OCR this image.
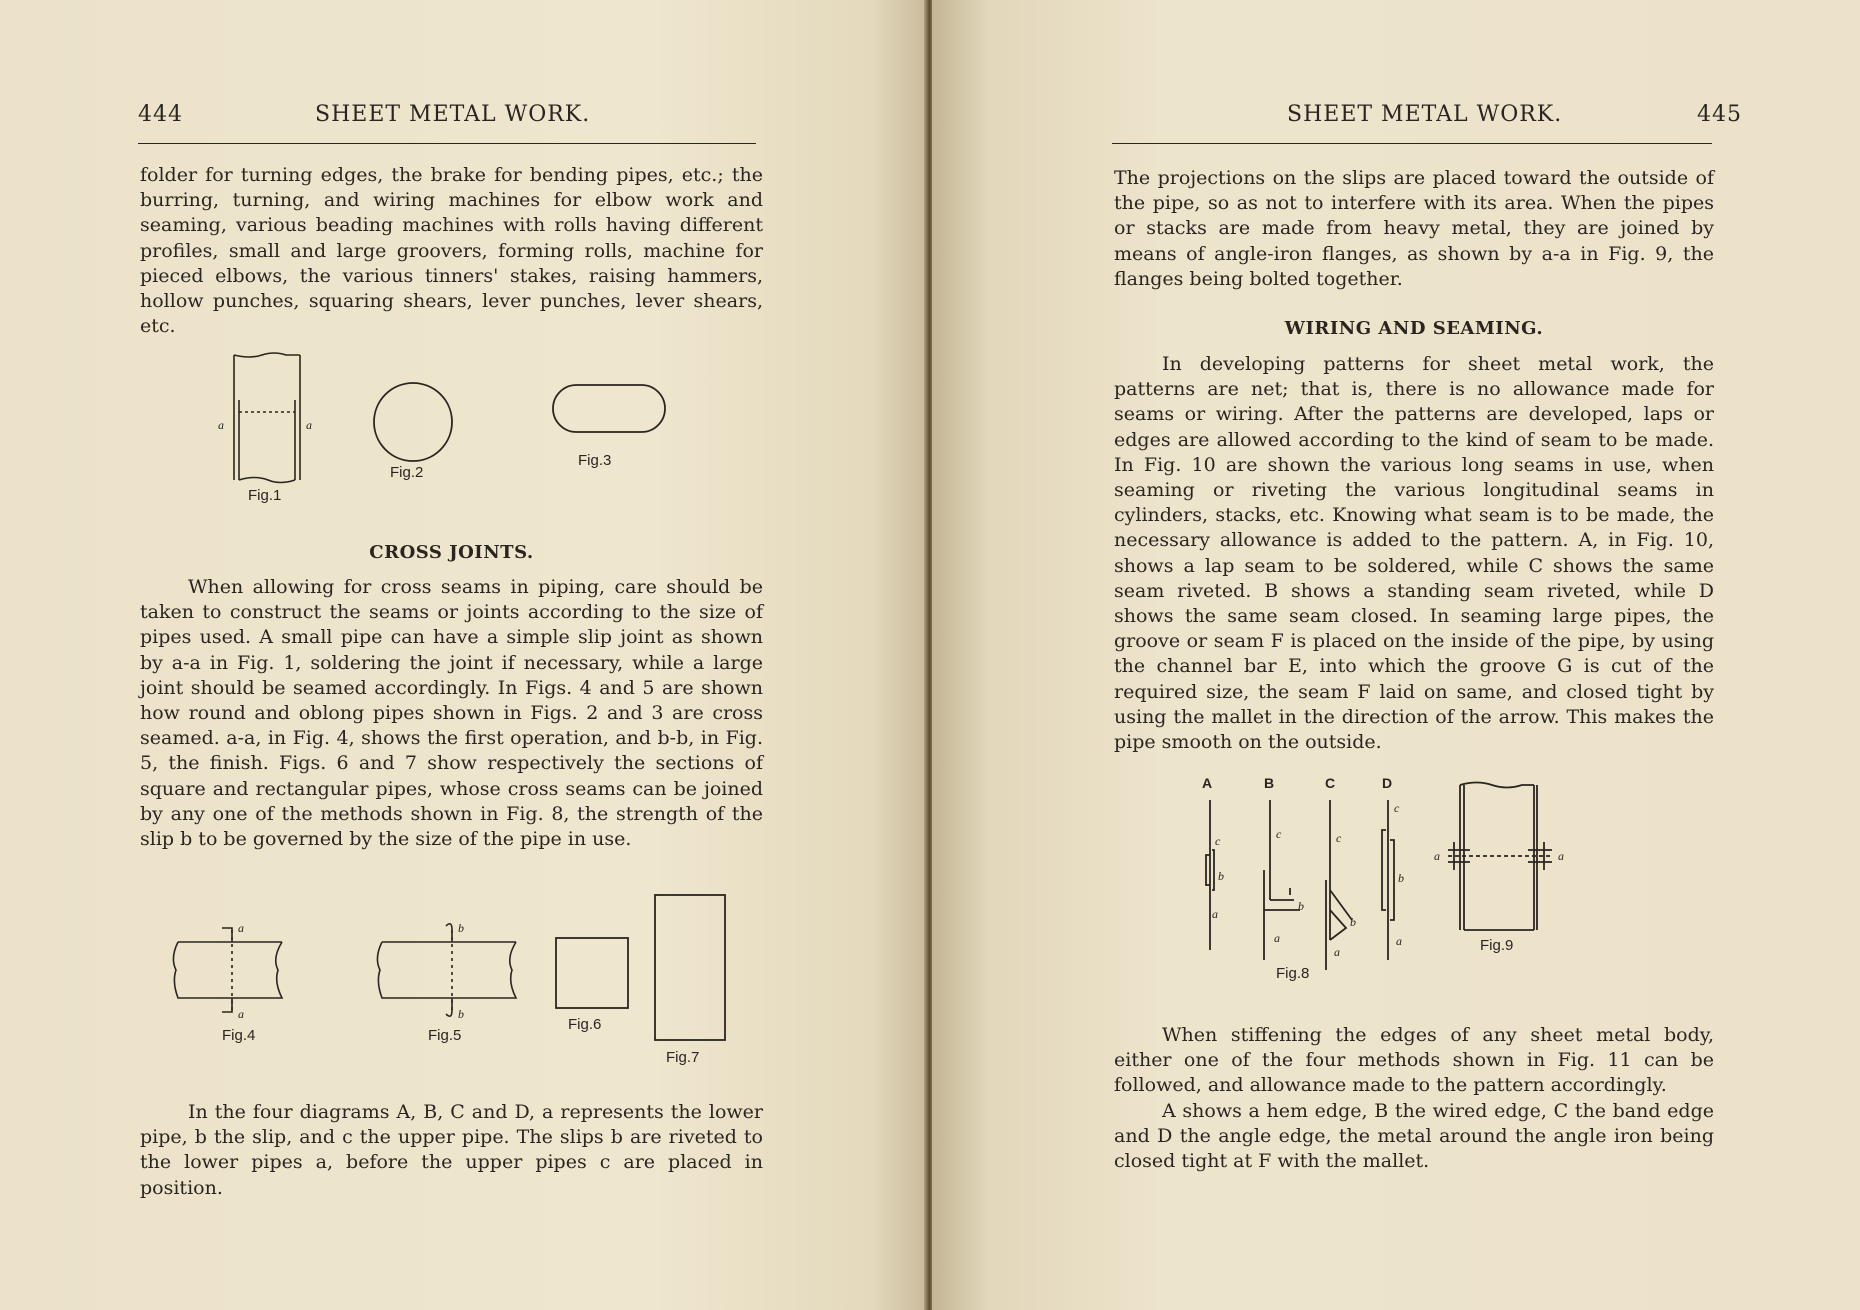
444	SHEET METAL WORK.

folder for turning edges, the brake for bending pipes, etc.; the burring, turning, and wiring machines for elbow work and seaming, various beading machines with rolls having different profiles, small and large groovers, forming rolls, machine for pieced elbows, the various tinners' stakes, raising hammers, hollow punches, squaring shears, lever punches, lever shears, etc.

a	a
Fig.1
Fig.2
Fig.3
CROSS JOINTS.

When allowing for cross seams in piping, care should be taken to construct the seams or joints according to the size of pipes used. A small pipe can have a simple slip joint as shown by a-a in Fig. 1, soldering the joint if necessary, while a large joint should be seamed accordingly. In Figs. 4 and 5 are shown how round and oblong pipes shown in Figs. 2 and 3 are cross seamed. a-a, in Fig. 4, shows the first operation, and b-b, in Fig. 5, the finish. Figs. 6 and 7 show respectively the sections of square and rectangular pipes, whose cross seams can be joined by any one of the methods shown in Fig. 8, the strength of the slip b to be governed by the size of the pipe in use.

a
a
Fig.4
b
b
Fig.5
Fig.6
Fig.7

In the four diagrams A, B, C and D, a represents the lower pipe, b the slip, and c the upper pipe. The slips b are riveted to the lower pipes a, before the upper pipes c are placed in position.

SHEET METAL WORK.	445

The projections on the slips are placed toward the outside of the pipe, so as not to interfere with its area. When the pipes or stacks are made from heavy metal, they are joined by means of angle-iron flanges, as shown by a-a in Fig. 9, the flanges being bolted together.

WIRING AND SEAMING.

In developing patterns for sheet metal work, the patterns are net; that is, there is no allowance made for seams or wiring. After the patterns are developed, laps or edges are allowed according to the kind of seam to be made. In Fig. 10 are shown the various long seams in use, when seaming or riveting the various longitudinal seams in cylinders, stacks, etc. Knowing what seam is to be made, the necessary allowance is added to the pattern. A, in Fig. 10, shows a lap seam to be soldered, while C shows the same seam riveted. B shows a standing seam riveted, while D shows the same seam closed. In seaming large pipes, the groove or seam F is placed on the inside of the pipe, by using the channel bar E, into which the groove G is cut of the required size, the seam F laid on same, and closed tight by using the mallet in the direction of the arrow. This makes the pipe smooth on the outside.

A	B	C	D
c
b
a
c
b
a
c
b
a
c
b
a
Fig.8
a	a
Fig.9

When stiffening the edges of any sheet metal body, either one of the four methods shown in Fig. 11 can be followed, and allowance made to the pattern accordingly.

A shows a hem edge, B the wired edge, C the band edge and D the angle edge, the metal around the angle iron being closed tight at F with the mallet.
